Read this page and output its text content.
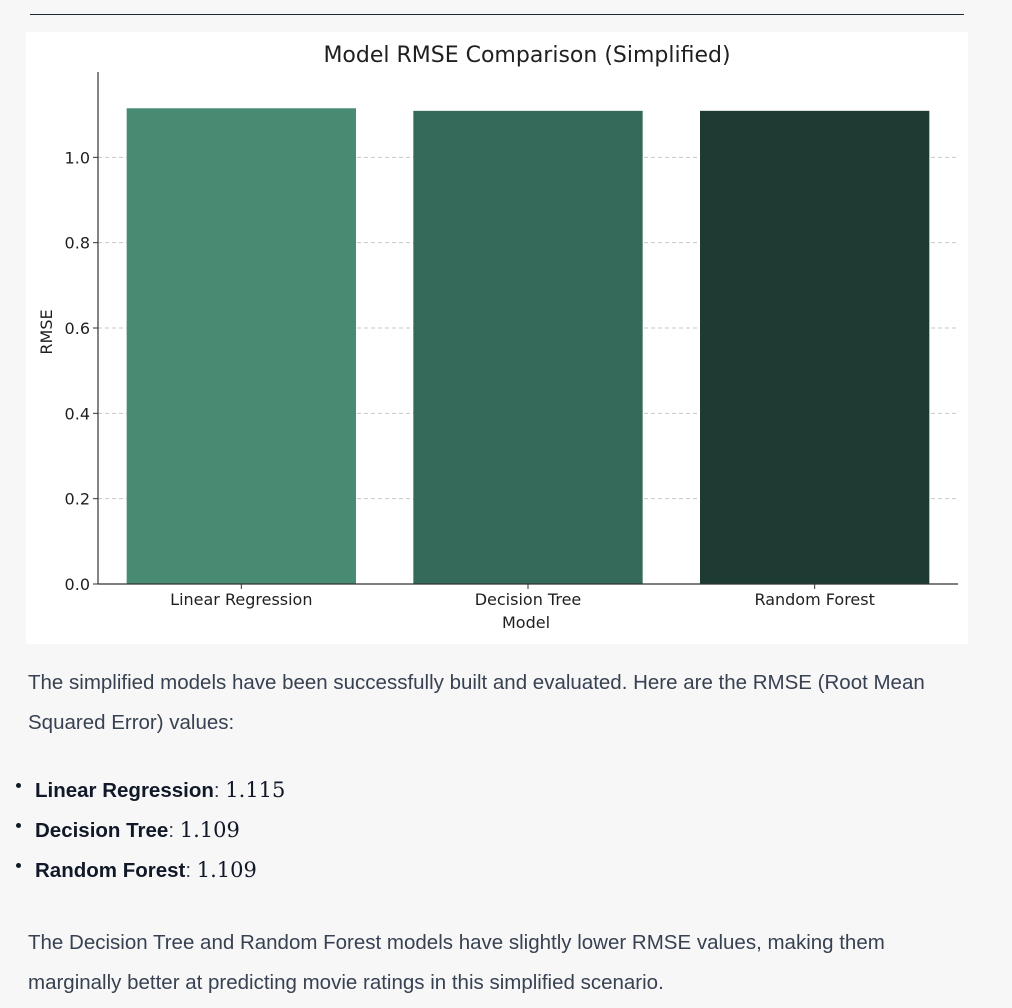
Model RMSE Comparison (Simplified)
0.0
0.2
0.4
0.6
0.8
1.0
Linear Regression	Decision Tree	Random Forest
Model
RMSE

The simplified models have been successfully built and evaluated. Here are the RMSE (Root Mean Squared Error) values:

Linear Regression: 1.115
Decision Tree: 1.109
Random Forest: 1.109

The Decision Tree and Random Forest models have slightly lower RMSE values, making them marginally better at predicting movie ratings in this simplified scenario.
